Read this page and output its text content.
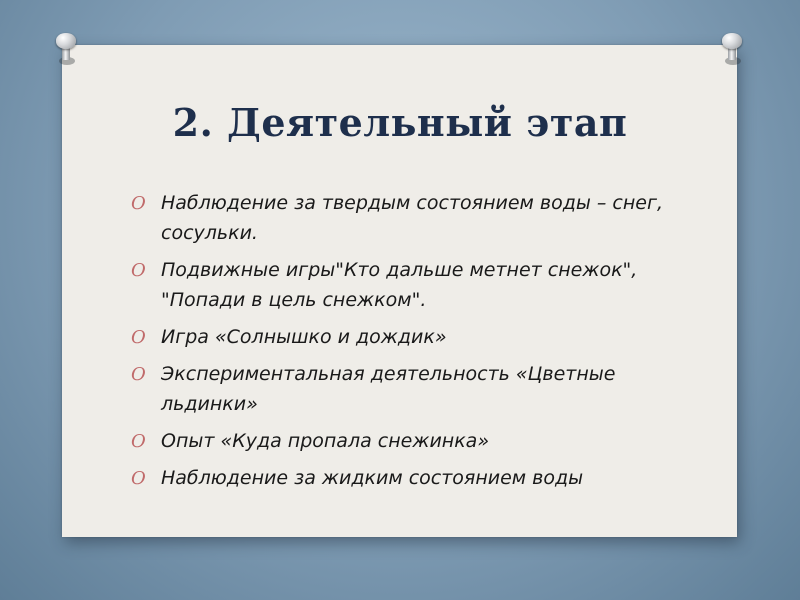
2. Деятельный этап
O Наблюдение за твердым состоянием воды – снег, сосульки.
O Подвижные игры"Кто дальше метнет снежок", "Попади в цель снежком".
O Игра «Солнышко и дождик»
O Экспериментальная деятельность «Цветные льдинки»
O Опыт «Куда пропала снежинка»
O Наблюдение за жидким состоянием воды
